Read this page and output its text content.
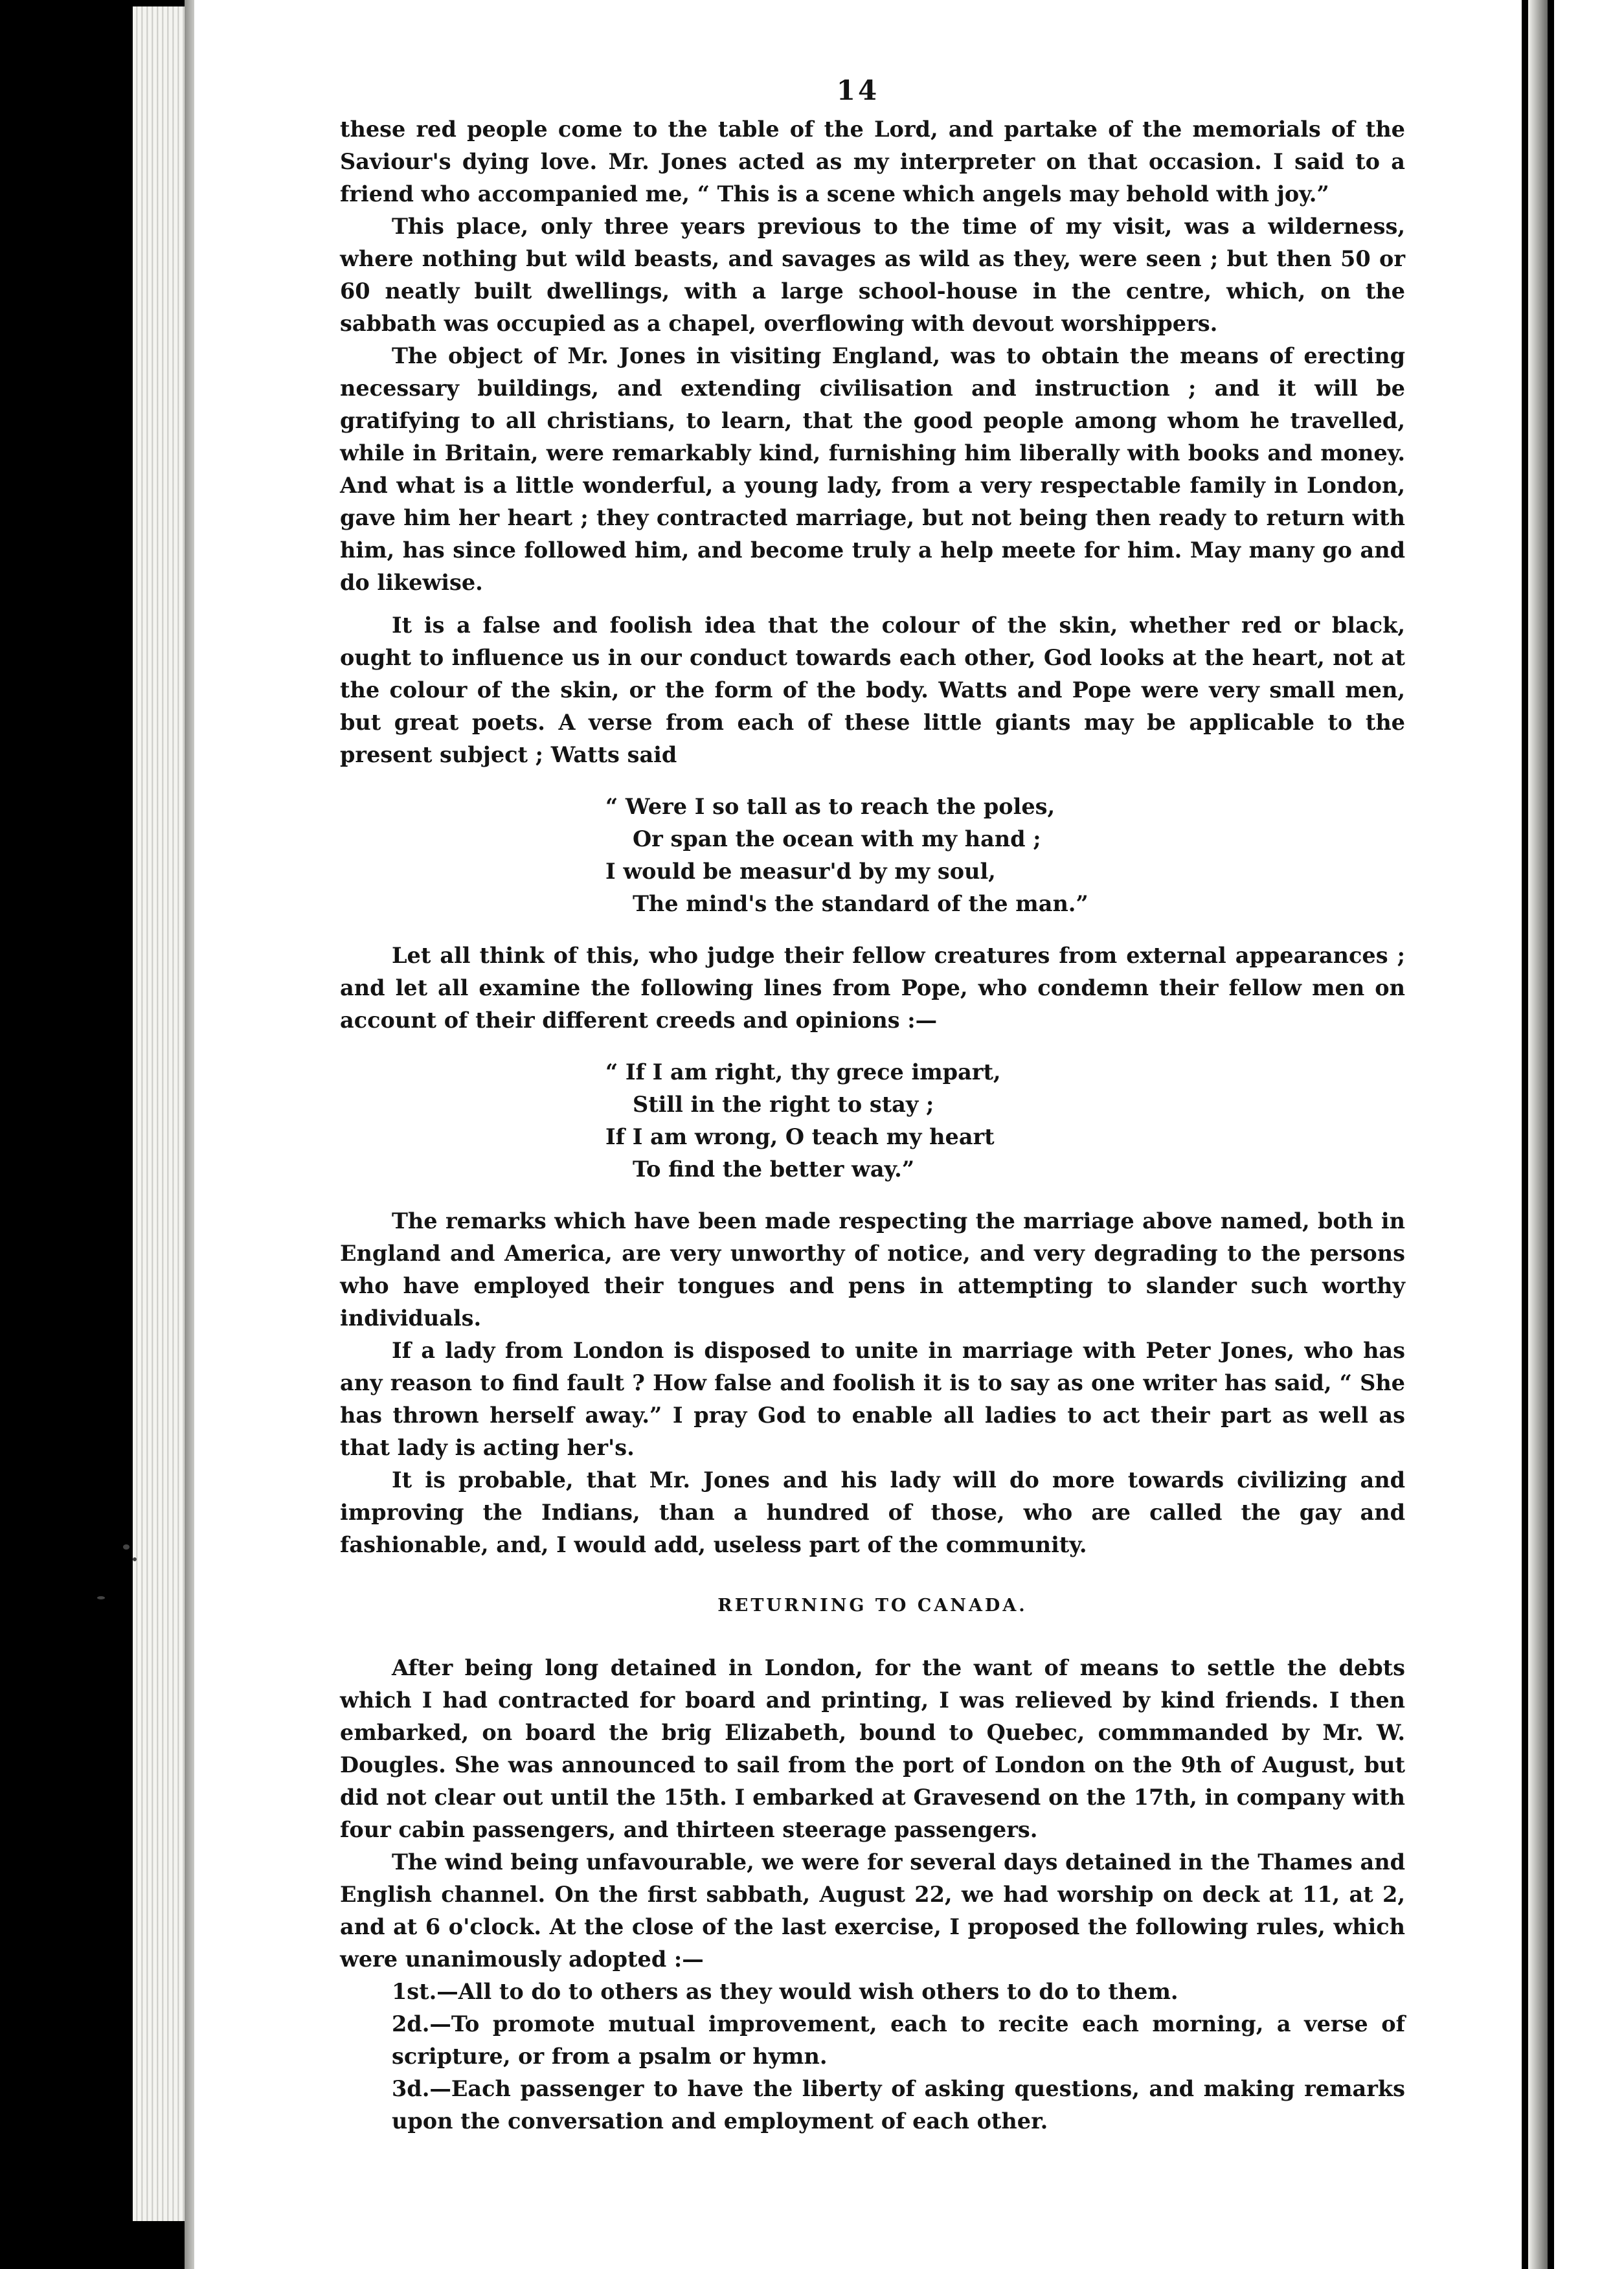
14

these red people come to the table of the Lord, and partake of the memorials of the Saviour's dying love. Mr. Jones acted as my interpreter on that occasion. I said to a friend who accompanied me, “ This is a scene which angels may behold with joy.”

This place, only three years previous to the time of my visit, was a wilderness, where nothing but wild beasts, and savages as wild as they, were seen ; but then 50 or 60 neatly built dwellings, with a large school-house in the centre, which, on the sabbath was occupied as a chapel, overflowing with devout worshippers.

The object of Mr. Jones in visiting England, was to obtain the means of erecting necessary buildings, and extending civilisation and instruction ; and it will be gratifying to all christians, to learn, that the good people among whom he travelled, while in Britain, were remarkably kind, furnishing him liberally with books and money. And what is a little wonderful, a young lady, from a very respectable family in London, gave him her heart ; they contracted marriage, but not being then ready to return with him, has since followed him, and become truly a help meete for him. May many go and do likewise.

It is a false and foolish idea that the colour of the skin, whether red or black, ought to influence us in our conduct towards each other, God looks at the heart, not at the colour of the skin, or the form of the body. Watts and Pope were very small men, but great poets. A verse from each of these little giants may be applicable to the present subject ; Watts said

“ Were I so tall as to reach the poles,
Or span the ocean with my hand ;
I would be measur'd by my soul,
The mind's the standard of the man.”

Let all think of this, who judge their fellow creatures from external appearances ; and let all examine the following lines from Pope, who condemn their fellow men on account of their different creeds and opinions :—

“ If I am right, thy grece impart,
Still in the right to stay ;
If I am wrong, O teach my heart
To find the better way.”

The remarks which have been made respecting the marriage above named, both in England and America, are very unworthy of notice, and very degrading to the persons who have employed their tongues and pens in attempting to slander such worthy individuals.

If a lady from London is disposed to unite in marriage with Peter Jones, who has any reason to find fault ? How false and foolish it is to say as one writer has said, “ She has thrown herself away.” I pray God to enable all ladies to act their part as well as that lady is acting her's.

It is probable, that Mr. Jones and his lady will do more towards civilizing and improving the Indians, than a hundred of those, who are called the gay and fashionable, and, I would add, useless part of the community.

RETURNING TO CANADA.

After being long detained in London, for the want of means to settle the debts which I had contracted for board and printing, I was relieved by kind friends. I then embarked, on board the brig Elizabeth, bound to Quebec, commmanded by Mr. W. Dougles. She was announced to sail from the port of London on the 9th of August, but did not clear out until the 15th. I embarked at Gravesend on the 17th, in company with four cabin passengers, and thirteen steerage passengers.

The wind being unfavourable, we were for several days detained in the Thames and English channel. On the first sabbath, August 22, we had worship on deck at 11, at 2, and at 6 o'clock. At the close of the last exercise, I proposed the following rules, which were unanimously adopted :—

1st.—All to do to others as they would wish others to do to them.

2d.—To promote mutual improvement, each to recite each morning, a verse of scripture, or from a psalm or hymn.

3d.—Each passenger to have the liberty of asking questions, and making remarks upon the conversation and employment of each other.
